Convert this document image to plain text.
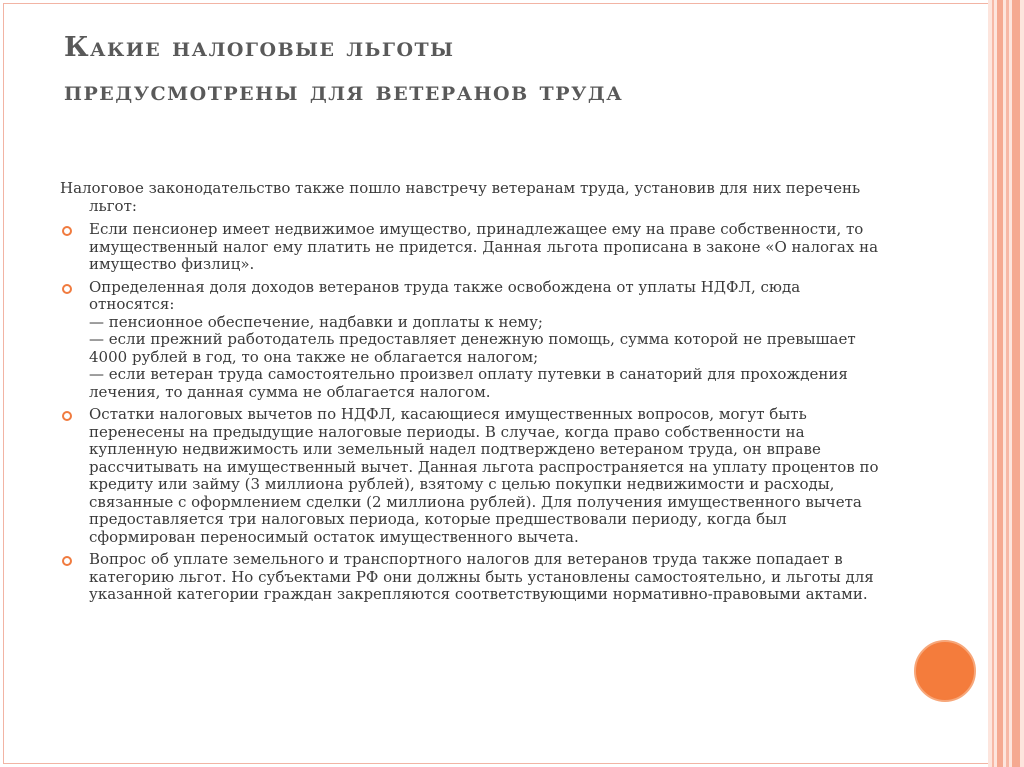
Какие налоговые льготы
предусмотрены для ветеранов труда

Налоговое законодательство также пошло навстречу ветеранам труда, установив для них перечень льгот:

Если пенсионер имеет недвижимое имущество, принадлежащее ему на праве собственности, то имущественный налог ему платить не придется. Данная льгота прописана в законе «О налогах на имущество физлиц».
Определенная доля доходов ветеранов труда также освобождена от уплаты НДФЛ, сюда относятся:
— пенсионное обеспечение, надбавки и доплаты к нему;
— если прежний работодатель предоставляет денежную помощь, сумма которой не превышает 4000 рублей в год, то она также не облагается налогом;
— если ветеран труда самостоятельно произвел оплату путевки в санаторий для прохождения лечения, то данная сумма не облагается налогом.
Остатки налоговых вычетов по НДФЛ, касающиеся имущественных вопросов, могут быть перенесены на предыдущие налоговые периоды. В случае, когда право собственности на купленную недвижимость или земельный надел подтверждено ветераном труда, он вправе рассчитывать на имущественный вычет. Данная льгота распространяется на уплату процентов по кредиту или займу (3 миллиона рублей), взятому с целью покупки недвижимости и расходы, связанные с оформлением сделки (2 миллиона рублей). Для получения имущественного вычета предоставляется три налоговых периода, которые предшествовали периоду, когда был сформирован переносимый остаток имущественного вычета.
Вопрос об уплате земельного и транспортного налогов для ветеранов труда также попадает в категорию льгот. Но субъектами РФ они должны быть установлены самостоятельно, и льготы для указанной категории граждан закрепляются соответствующими нормативно-правовыми актами.
